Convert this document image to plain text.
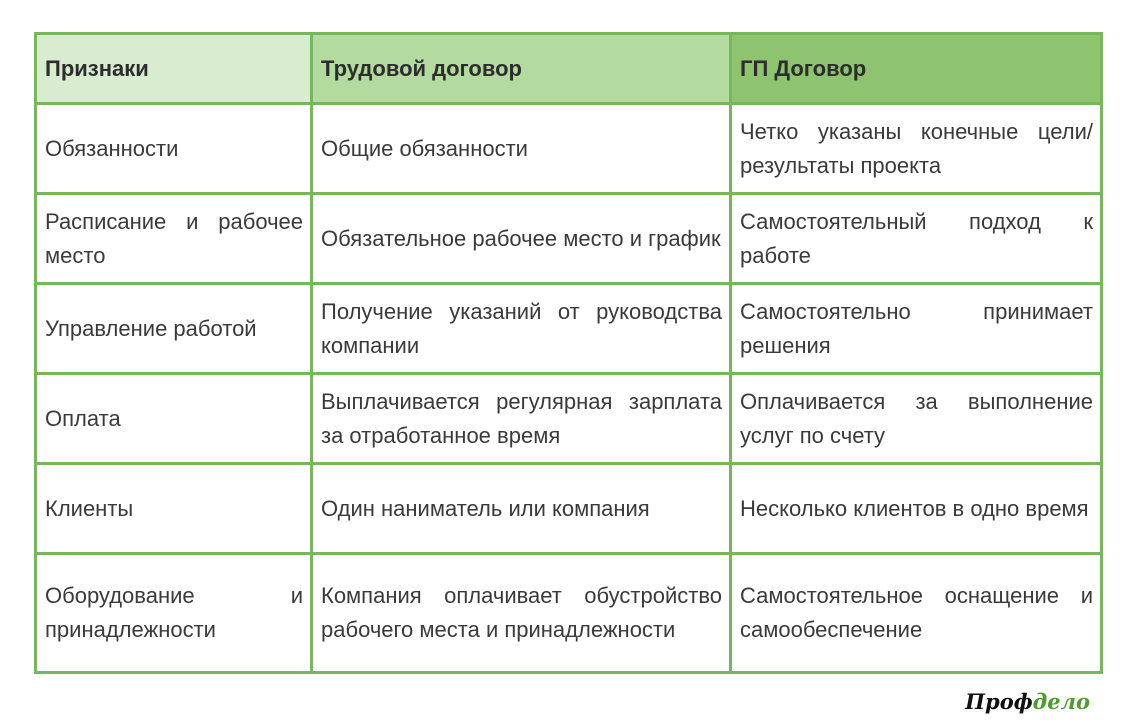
Признаки	Трудовой договор	ГП Договор
Обязанности	Общие обязанности	Четко указаны конечные цели/результаты проекта
Расписание и рабочее место	Обязательное рабочее место и график	Самостоятельный подход к работе
Управление работой	Получение указаний от руководства компании	Самостоятельно принимает решения
Оплата	Выплачивается регулярная зарплата за отработанное время	Оплачивается за выполнение услуг по счету
Клиенты	Один наниматель или компания	Несколько клиентов в одно время
Оборудование и принадлежности	Компания оплачивает обустройство рабочего места и принадлежности	Самостоятельное оснащение и самообеспечение
Профдело
